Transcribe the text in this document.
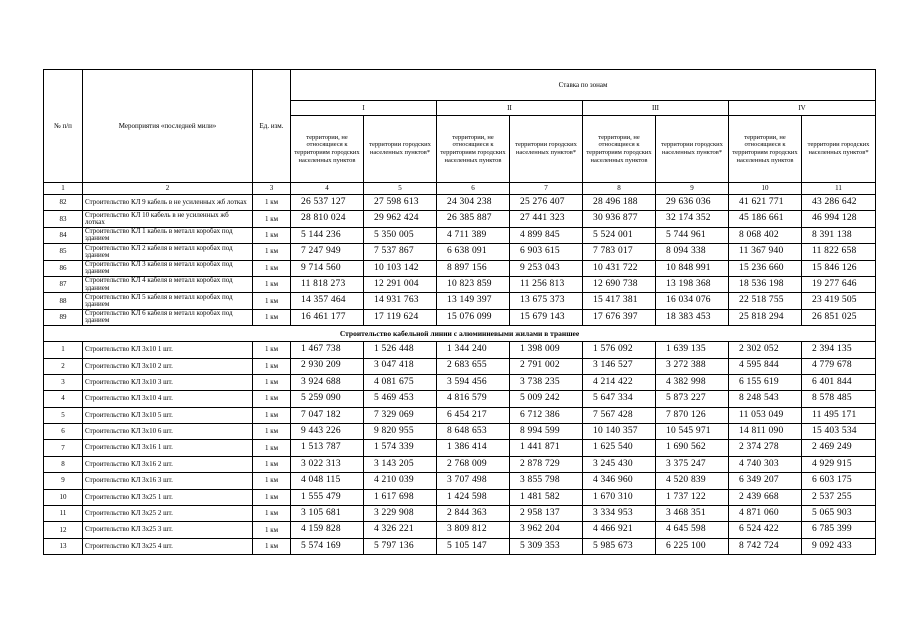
№ п/п	Мероприятия «последней мили»	Ед. изм.	Ставка по зонам							
			I		II		III		IV	
			территории, не относящиеся к территориям городских населенных пунктов	территории городских населенных пунктов*	территории, не относящиеся к территориям городских населенных пунктов	территории городских населенных пунктов*	территории, не относящиеся к территориям городских населенных пунктов	территории городских населенных пунктов*	территории, не относящиеся к территориям городских населенных пунктов	территории городских населенных пунктов*
1	2	3	4	5	6	7	8	9	10	11
82	Строительство КЛ 9 кабель в не усиленных жб лотках	1 км	26 537 127	27 598 613	24 304 238	25 276 407	28 496 188	29 636 036	41 621 771	43 286 642
83	Строительство КЛ 10 кабель в не усиленных жб лотках	1 км	28 810 024	29 962 424	26 385 887	27 441 323	30 936 877	32 174 352	45 186 661	46 994 128
84	Строительство КЛ 1 кабель в металл коробах под зданием	1 км	5 144 236	5 350 005	4 711 389	4 899 845	5 524 001	5 744 961	8 068 402	8 391 138
85	Строительство КЛ 2 кабеля в металл коробах под зданием	1 км	7 247 949	7 537 867	6 638 091	6 903 615	7 783 017	8 094 338	11 367 940	11 822 658
86	Строительство КЛ 3 кабеля в металл коробах под зданием	1 км	9 714 560	10 103 142	8 897 156	9 253 043	10 431 722	10 848 991	15 236 660	15 846 126
87	Строительство КЛ 4 кабеля в металл коробах под зданием	1 км	11 818 273	12 291 004	10 823 859	11 256 813	12 690 738	13 198 368	18 536 198	19 277 646
88	Строительство КЛ 5 кабеля в металл коробах под зданием	1 км	14 357 464	14 931 763	13 149 397	13 675 373	15 417 381	16 034 076	22 518 755	23 419 505
89	Строительство КЛ 6 кабеля в металл коробах под зданием	1 км	16 461 177	17 119 624	15 076 099	15 679 143	17 676 397	18 383 453	25 818 294	26 851 025
Строительство кабельной линии с алюминиевыми жилами в траншее										
1	Строительство КЛ 3х10 1 шт.	1 км	1 467 738	1 526 448	1 344 240	1 398 009	1 576 092	1 639 135	2 302 052	2 394 135
2	Строительство КЛ 3х10 2 шт.	1 км	2 930 209	3 047 418	2 683 655	2 791 002	3 146 527	3 272 388	4 595 844	4 779 678
3	Строительство КЛ 3х10 3 шт.	1 км	3 924 688	4 081 675	3 594 456	3 738 235	4 214 422	4 382 998	6 155 619	6 401 844
4	Строительство КЛ 3х10 4 шт.	1 км	5 259 090	5 469 453	4 816 579	5 009 242	5 647 334	5 873 227	8 248 543	8 578 485
5	Строительство КЛ 3х10 5 шт.	1 км	7 047 182	7 329 069	6 454 217	6 712 386	7 567 428	7 870 126	11 053 049	11 495 171
6	Строительство КЛ 3х10 6 шт.	1 км	9 443 226	9 820 955	8 648 653	8 994 599	10 140 357	10 545 971	14 811 090	15 403 534
7	Строительство КЛ 3х16 1 шт.	1 км	1 513 787	1 574 339	1 386 414	1 441 871	1 625 540	1 690 562	2 374 278	2 469 249
8	Строительство КЛ 3х16 2 шт.	1 км	3 022 313	3 143 205	2 768 009	2 878 729	3 245 430	3 375 247	4 740 303	4 929 915
9	Строительство КЛ 3х16 3 шт.	1 км	4 048 115	4 210 039	3 707 498	3 855 798	4 346 960	4 520 839	6 349 207	6 603 175
10	Строительство КЛ 3х25 1 шт.	1 км	1 555 479	1 617 698	1 424 598	1 481 582	1 670 310	1 737 122	2 439 668	2 537 255
11	Строительство КЛ 3х25 2 шт.	1 км	3 105 681	3 229 908	2 844 363	2 958 137	3 334 953	3 468 351	4 871 060	5 065 903
12	Строительство КЛ 3х25 3 шт.	1 км	4 159 828	4 326 221	3 809 812	3 962 204	4 466 921	4 645 598	6 524 422	6 785 399
13	Строительство КЛ 3х25 4 шт.	1 км	5 574 169	5 797 136	5 105 147	5 309 353	5 985 673	6 225 100	8 742 724	9 092 433
